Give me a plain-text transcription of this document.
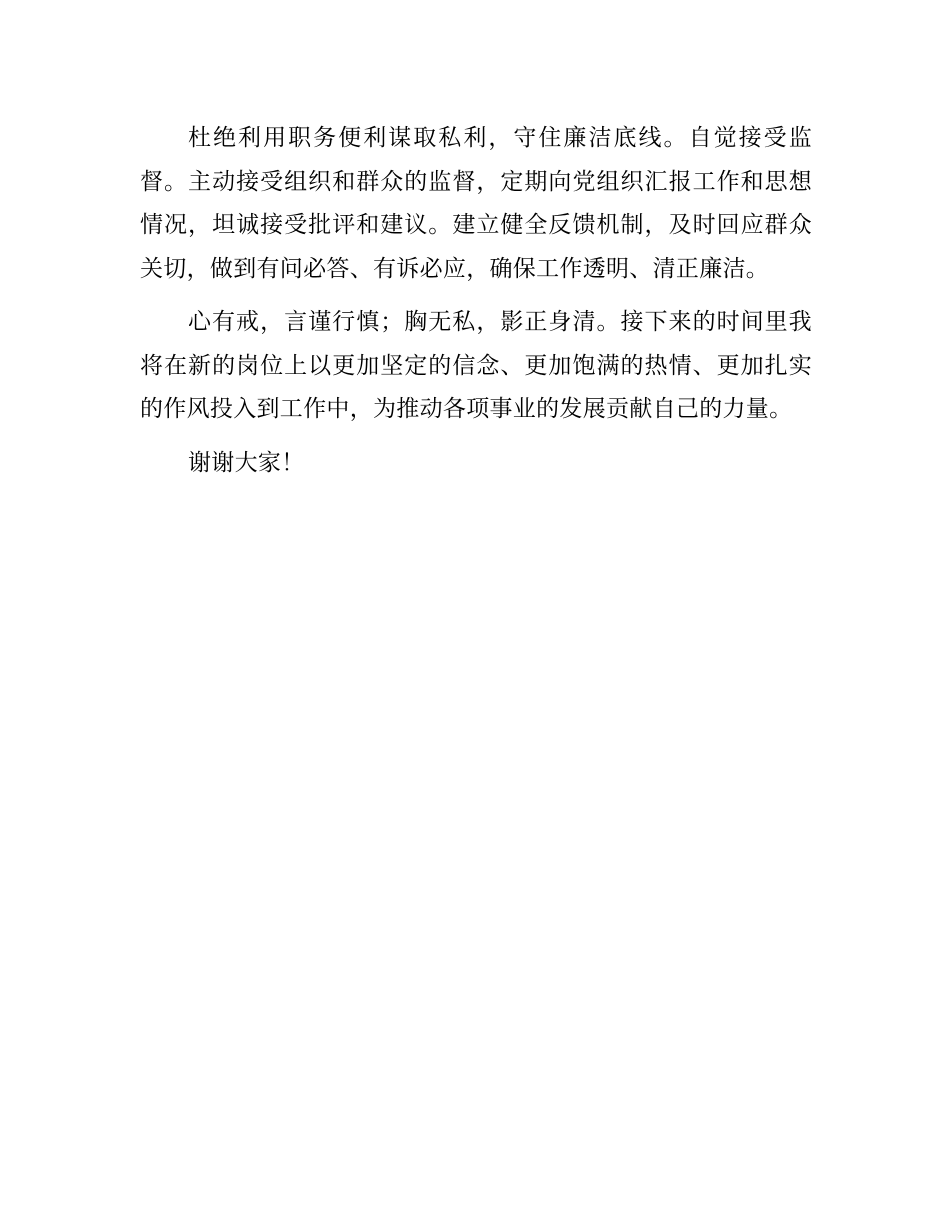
杜绝利用职务便利谋取私利，守住廉洁底线。自觉接受监督。主动接受组织和群众的监督，定期向党组织汇报工作和思想情况，坦诚接受批评和建议。建立健全反馈机制，及时回应群众关切，做到有问必答、有诉必应，确保工作透明、清正廉洁。

心有戒，言谨行慎；胸无私，影正身清。接下来的时间里我将在新的岗位上以更加坚定的信念、更加饱满的热情、更加扎实的作风投入到工作中，为推动各项事业的发展贡献自己的力量。

谢谢大家！
